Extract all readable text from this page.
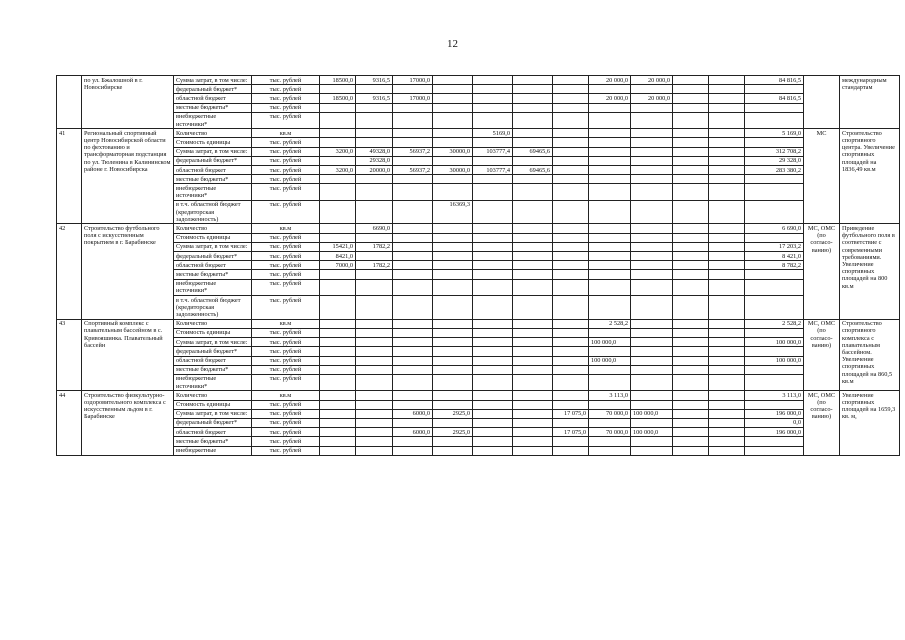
12
	по ул. Бжалошной в г. Новосибирске	Сумма затрат, в том числе:	тыс. рублей	18500,0	9316,5	17000,0					20 000,0	20 000,0			84 816,5		международным стандартам
		федеральный бюджет*	тыс. рублей														
		областной бюджет	тыс. рублей	18500,0	9316,5	17000,0					20 000,0	20 000,0			84 816,5		
		местные бюджеты*	тыс. рублей														
		внебюджетные источники*	тыс. рублей														
41	Региональный спортивный центр Новосибирской области по фехтованию и трансформаторная подстанция по ул. Тюленина в Калининском районе г. Новосибирска	Количество	кв.м					5169,0							5 169,0	МС	Строительство спортивного центра. Увеличение спортивных площадей на 1836,49 кв.м
		Стоимость единицы	тыс. рублей														
		Сумма затрат, в том числе:	тыс. рублей	3200,0	49328,0	56937,2	30000,0	103777,4	69465,6						312 708,2		
		федеральный бюджет*	тыс. рублей		29328,0										29 328,0		
		областной бюджет	тыс. рублей	3200,0	20000,0	56937,2	30000,0	103777,4	69465,6						283 380,2		
		местные бюджеты*	тыс. рублей														
		внебюджетные источники*	тыс. рублей														
		в т.ч. областной бюджет (кредиторская задолженность)	тыс. рублей				16369,3										
42	Строительство футбольного поля с искусственным покрытием в г. Барабинске	Количество	кв.м		6690,0										6 690,0	МС, ОМС (по согласо-ванию)	Приведение футбольного поля в соответствие с современными требованиями. Увеличение спортивных площадей на 800 кв.м
		Стоимость единицы	тыс. рублей														
		Сумма затрат, в том числе:	тыс. рублей	15421,0	1782,2										17 203,2		
		федеральный бюджет*	тыс. рублей	8421,0											8 421,0		
		областной бюджет	тыс. рублей	7000,0	1782,2										8 782,2		
		местные бюджеты*	тыс. рублей														
		внебюджетные источники*	тыс. рублей														
		в т.ч. областной бюджет (кредиторская задолженность)	тыс. рублей														
43	Спортивный комплекс с плавательным бассейном в с. Кривояшинка. Плавательный бассейн	Количество	кв.м								2 528,2				2 528,2	МС, ОМС (по согласо-ванию)	Строительство спортивного комплекса с плавательным бассейном. Увеличение спортивных площадей на 860,5 кв.м
		Стоимость единицы	тыс. рублей														
		Сумма затрат, в том числе:	тыс. рублей								100 000,0				100 000,0		
		федеральный бюджет*	тыс. рублей														
		областной бюджет	тыс. рублей								100 000,0				100 000,0		
		местные бюджеты*	тыс. рублей														
		внебюджетные источники*	тыс. рублей														
44	Строительство физкультурно-оздоровительного комплекса с искусственным льдом в г. Барабинске	Количество	кв.м								3 113,0				3 113,0	МС, ОМС (по согласо-ванию)	Увеличение спортивных площадей на 1659,3 кв. м,
		Стоимость единицы	тыс. рублей														
		Сумма затрат, в том числе:	тыс. рублей			6000,0	2925,0			17 075,0	70 000,0	100 000,0			196 000,0		
		федеральный бюджет*	тыс. рублей												0,0		
		областной бюджет	тыс. рублей			6000,0	2925,0			17 075,0	70 000,0	100 000,0			196 000,0		
		местные бюджеты*	тыс. рублей														
		внебюджетные	тыс. рублей														
